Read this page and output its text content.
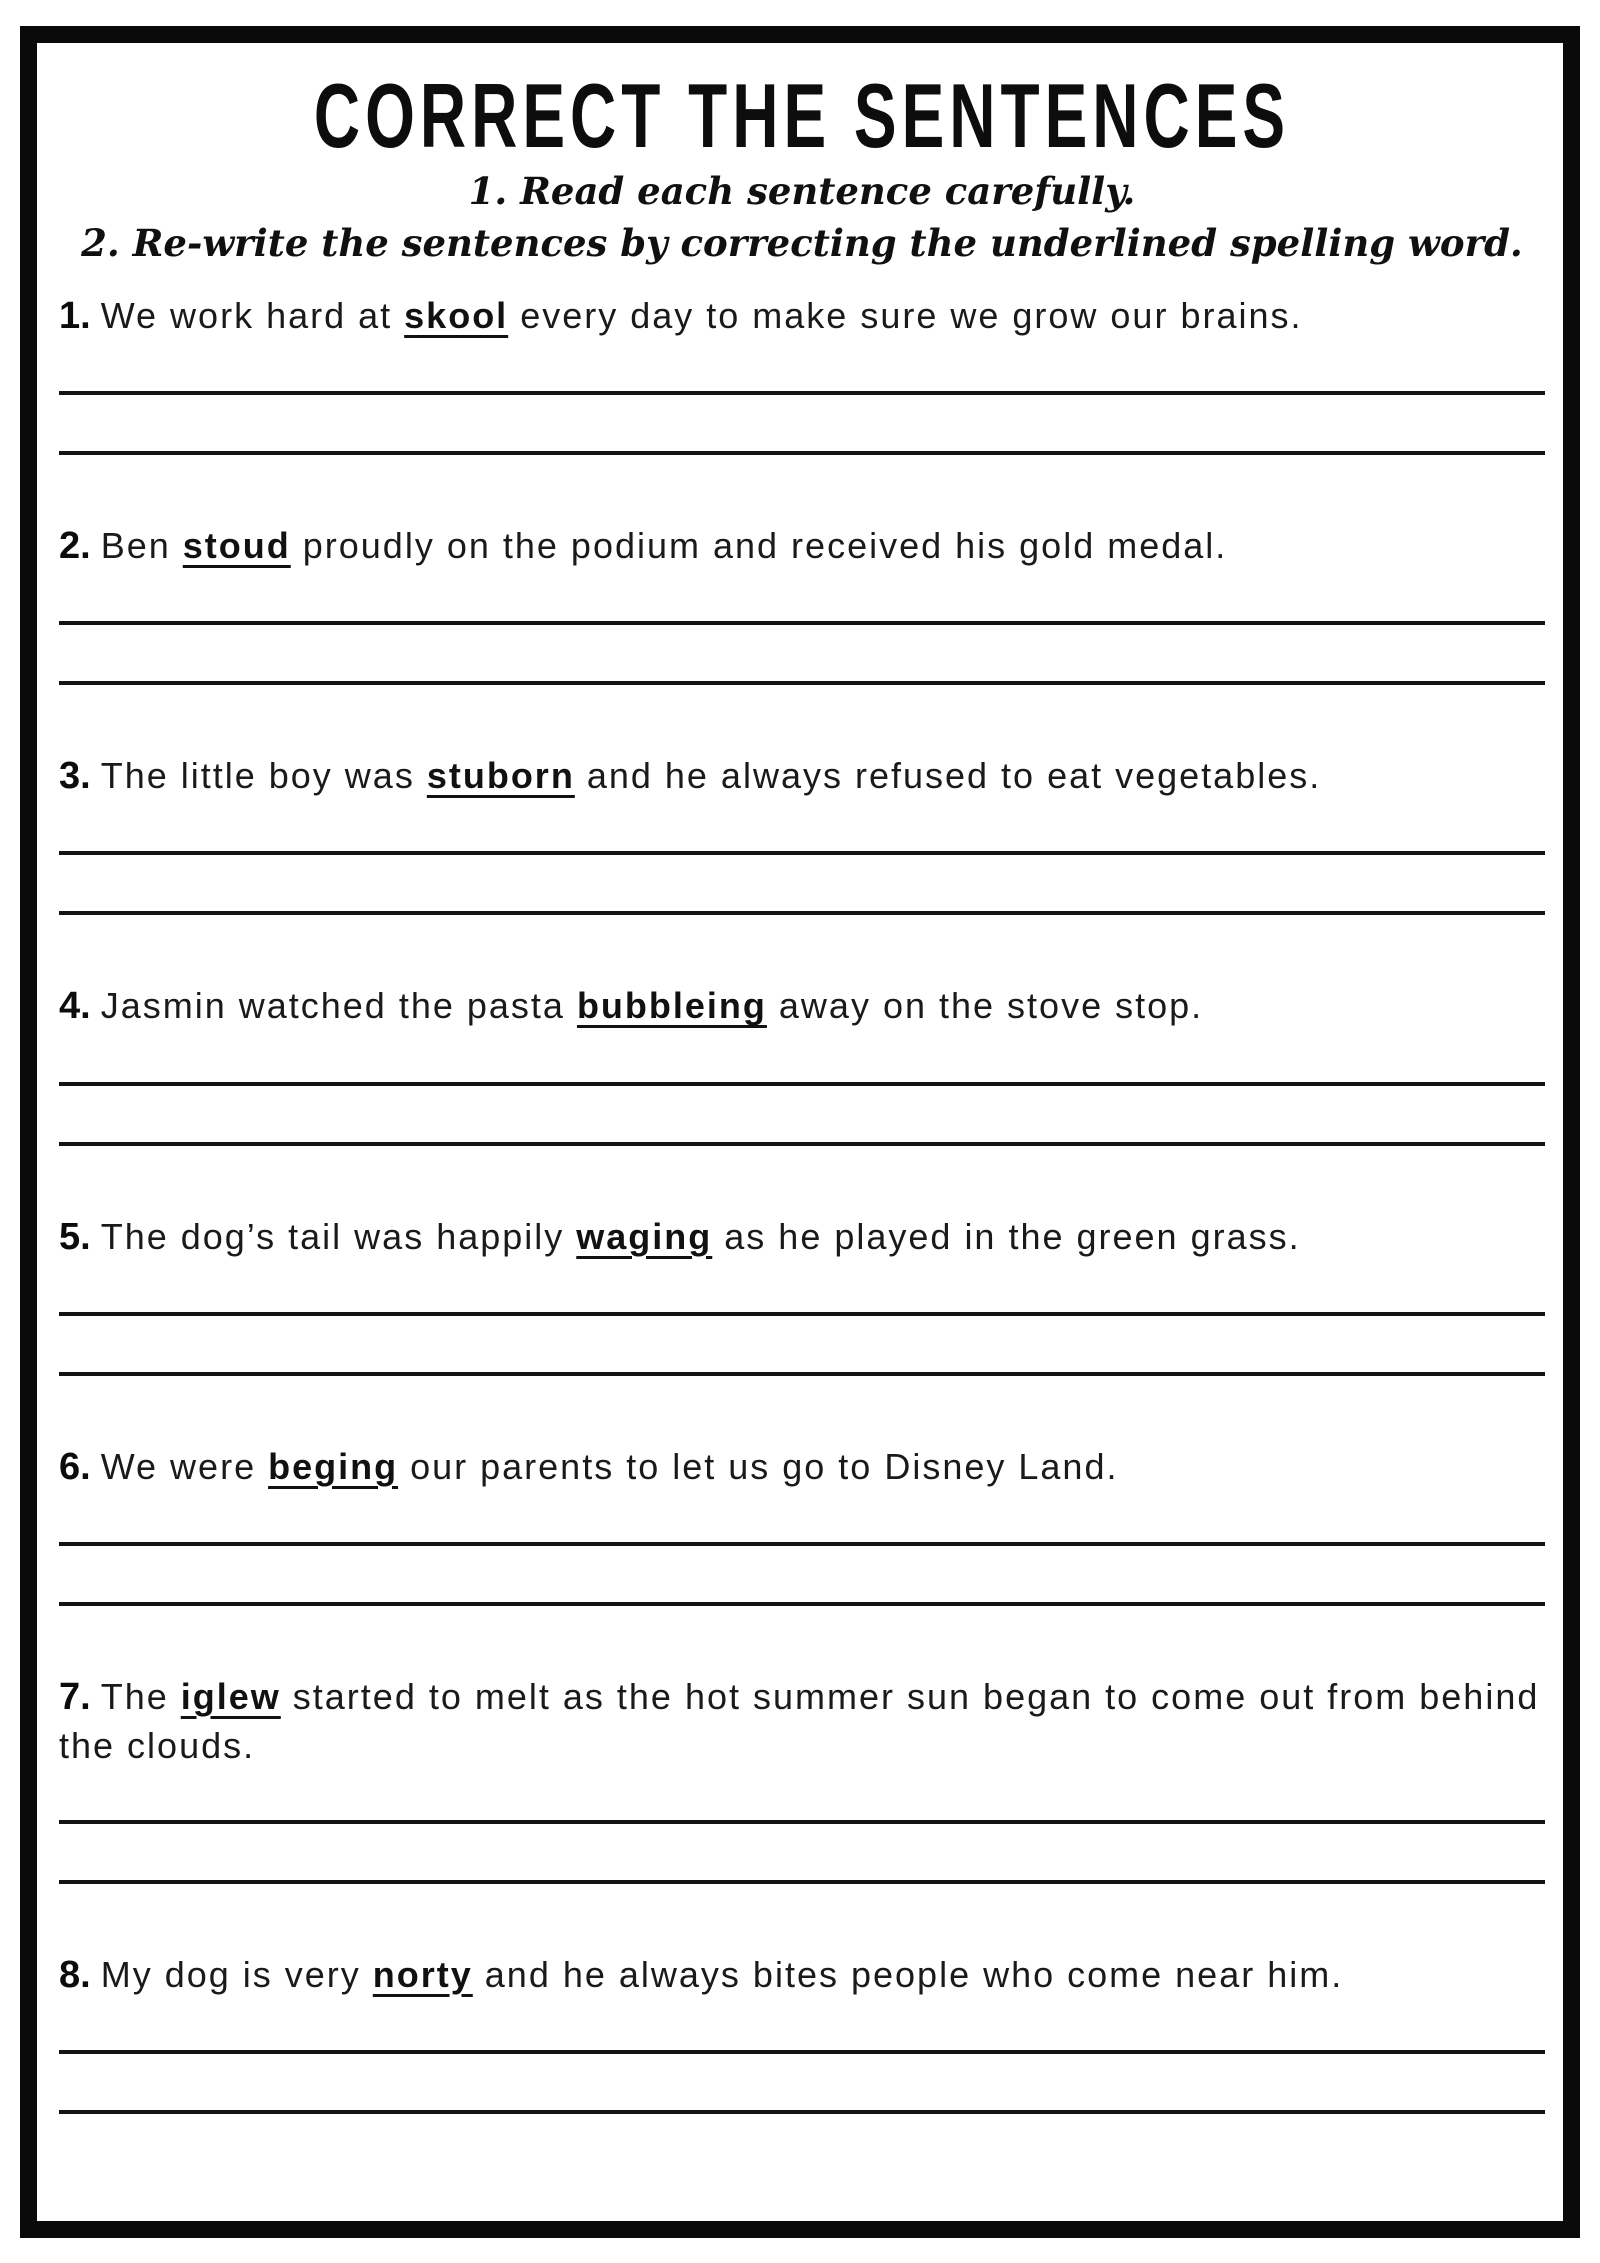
CORRECT THE SENTENCES

1. Read each sentence carefully.

2. Re-write the sentences by correcting the underlined spelling word.

1. We work hard at skool every day to make sure we grow our brains.

2. Ben stoud proudly on the podium and received his gold medal.

3. The little boy was stuborn and he always refused to eat vegetables.

4. Jasmin watched the pasta bubbleing away on the stove stop.

5. The dog’s tail was happily waging as he played in the green grass.

6. We were beging our parents to let us go to Disney Land.

7. The iglew started to melt as the hot summer sun began to come out from behind the clouds.

8. My dog is very norty and he always bites people who come near him.
